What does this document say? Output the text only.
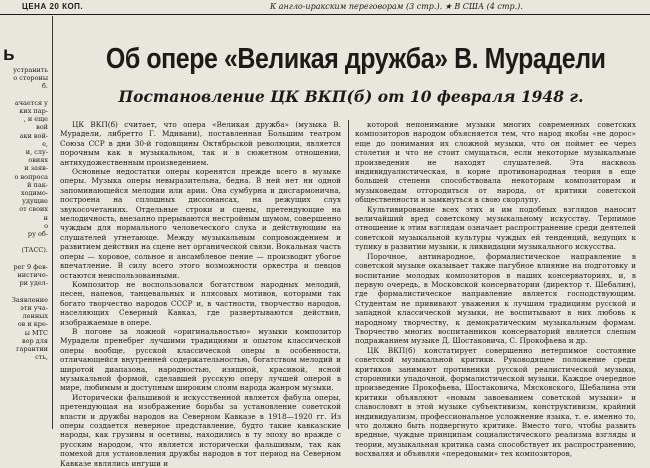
ЦЕНА 20 КОП.	К англо-иракским переговорам (3 стр.). ★ В США (4 стр.).
ь
устранить
о стороны
б.

ачается у
ких пар-
, и еще
вой
аки вой-
е,
и, слу-
овиях
и заяв-
о вопроса
й пак-
ходимо-
удущие
от своих
н
о
ру об-

(ТАСС).

рег 9 фев-
нистиче-
ри удел-

Заявление
эти уча-
ленных
ов и кре-
ы МТС
вор для
гарантии
сть,
Об опере «Великая дружба» В. Мурадели
Постановление ЦК ВКП(б) от 10 февраля 1948 г.

ЦК ВКП(б) считает, что опера «Великая дружба» (музыка В. Мурадели, либретто Г. Мдивани), поставленная Большим театром Союза ССР в дни 30-й годовщины Октябрьской революции, является порочным как в музыкальном, так и в сюжетном отношении, антихудожественным произведением.

Основные недостатки оперы коренятся прежде всего в музыке оперы. Музыка оперы невыразительна, бедна. В ней нет ни одной запоминающейся мелодии или арии. Она сумбурна и дисгармонична, построена на сплошных диссонансах, на режущих слух звукосочетаниях. Отдельные строки и сцены, претендующие на мелодичность, внезапно прерываются нестройным шумом, совершенно чуждым для нормального человеческого слуха и действующим на слушателей угнетающе. Между музыкальным сопровождением и развитием действия на сцене нет органической связи. Вокальная часть оперы — хоровое, сольное и ансамблевое пение — производит убогое впечатление. В силу всего этого возможности оркестра и певцов остаются неиспользованными.

Композитор не воспользовался богатством народных мелодий, песен, напевов, танцевальных и плясовых мотивов, которыми так богато творчество народов СССР и, в частности, творчество народов, населяющих Северный Кавказ, где развертываются действия, изображаемые в опере.

В погоне за ложной «оригинальностью» музыки композитор Мурадели пренебрег лучшими традициями и опытом классической оперы вообще, русской классической оперы в особенности, отличающейся внутренней содержательностью, богатством мелодий и широтой диапазона, народностью, изящной, красивой, ясной музыкальной формой, сделавшей русскую оперу лучшей оперой в мире, любимым и доступным широким слоям народа жанром музыки.

Исторически фальшивой и искусственной является фабула оперы, претендующая на изображение борьбы за установление советской власти и дружбы народов на Северном Кавказе в 1918—1920 гг. Из оперы создается неверное представление, будто такие кавказские народы, как грузины и осетины, находились в ту эпоху во вражде с русским народом, что является исторически фальшивым, так как помехой для установления дружбы народов в тот период на Северном Кавказе являлись ингуши и

которой непонимание музыки многих современных советских композиторов народом объясняется тем, что народ якобы «не дорос» еще до понимания их сложной музыки, что он поймет ее через столетия и что не стоит смущаться, если некоторые музыкальные произведения не находят слушателей. Эта насквозь индивидуалистическая, в корне противонародная теория в еще большей степени способствовала некоторым композиторам и музыковедам отгородиться от народа, от критики советской общественности и замкнуться в свою скорлупу.

Культивирование всех этих и им подобных взглядов наносит величайший вред советскому музыкальному искусству. Терпимое отношение к этим взглядам означает распространение среди деятелей советской музыкальной культуры чуждых ей тенденций, ведущих к тупику в развитии музыки, к ликвидации музыкального искусства.

Порочное, антинародное, формалистическое направление в советской музыке оказывает также пагубное влияние на подготовку и воспитание молодых композиторов в наших консерваториях, и, в первую очередь, в Московской консерватории (директор т. Шебалин), где формалистическое направление является господствующим. Студентам не прививают уважения к лучшим традициям русской и западной классической музыки, не воспитывают в них любовь к народному творчеству, к демократическим музыкальным формам. Творчество многих воспитанников консерваторий является слепым подражанием музыке Д. Шостаковича, С. Прокофьева и др.

ЦК ВКП(б) констатирует совершенно нетерпимое состояние советской музыкальной критики. Руководящее положение среди критиков занимают противники русской реалистической музыки, сторонники упадочной, формалистической музыки. Каждое очередное произведение Прокофьева, Шостаковича, Мясковского, Шебалина эти критики объявляют «новым завоеванием советской музыки» и славословят в этой музыке субъективизм, конструктивизм, крайний индивидуализм, профессиональное усложнение языка, т. е. именно то, что должно быть подвергнуто критике. Вместо того, чтобы развить вредные, чуждые принципам социалистического реализма взгляды и теории, музыкальная критика сама способствует их распространению, восхваляя и объявляя «передовыми» тех композиторов,
